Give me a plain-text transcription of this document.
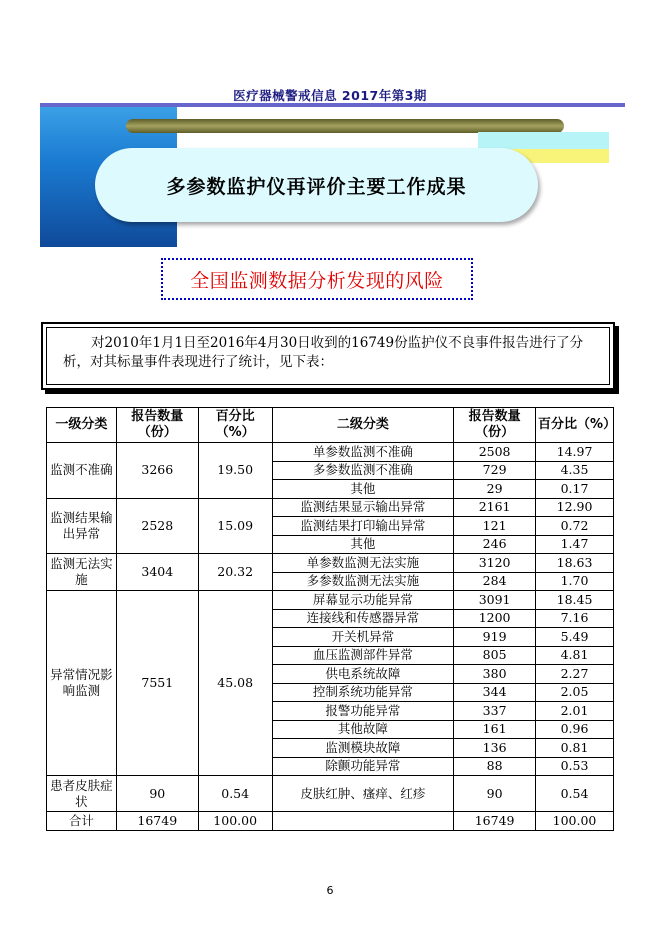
医疗器械警戒信息 2017年第3期
多参数监护仪再评价主要工作成果
全国监测数据分析发现的风险
对2010年1月1日至2016年4月30日收到的16749份监护仪不良事件报告进行了分析，对其标量事件表现进行了统计，见下表：
一级分类	报告数量（份）	百分比（%）	二级分类	报告数量（份）	百分比（%）
监测不准确	3266	19.50	单参数监测不准确	2508	14.97
			多参数监测不准确	729	4.35
			其他	29	0.17
监测结果输出异常	2528	15.09	监测结果显示输出异常	2161	12.90
			监测结果打印输出异常	121	0.72
			其他	246	1.47
监测无法实施	3404	20.32	单参数监测无法实施	3120	18.63
			多参数监测无法实施	284	1.70
异常情况影响监测	7551	45.08	屏幕显示功能异常	3091	18.45
			连接线和传感器异常	1200	7.16
			开关机异常	919	5.49
			血压监测部件异常	805	4.81
			供电系统故障	380	2.27
			控制系统功能异常	344	2.05
			报警功能异常	337	2.01
			其他故障	161	0.96
			监测模块故障	136	0.81
			除颤功能异常	88	0.53
患者皮肤症状	90	0.54	皮肤红肿、瘙痒、红疹	90	0.54
合计	16749	100.00		16749	100.00
6
